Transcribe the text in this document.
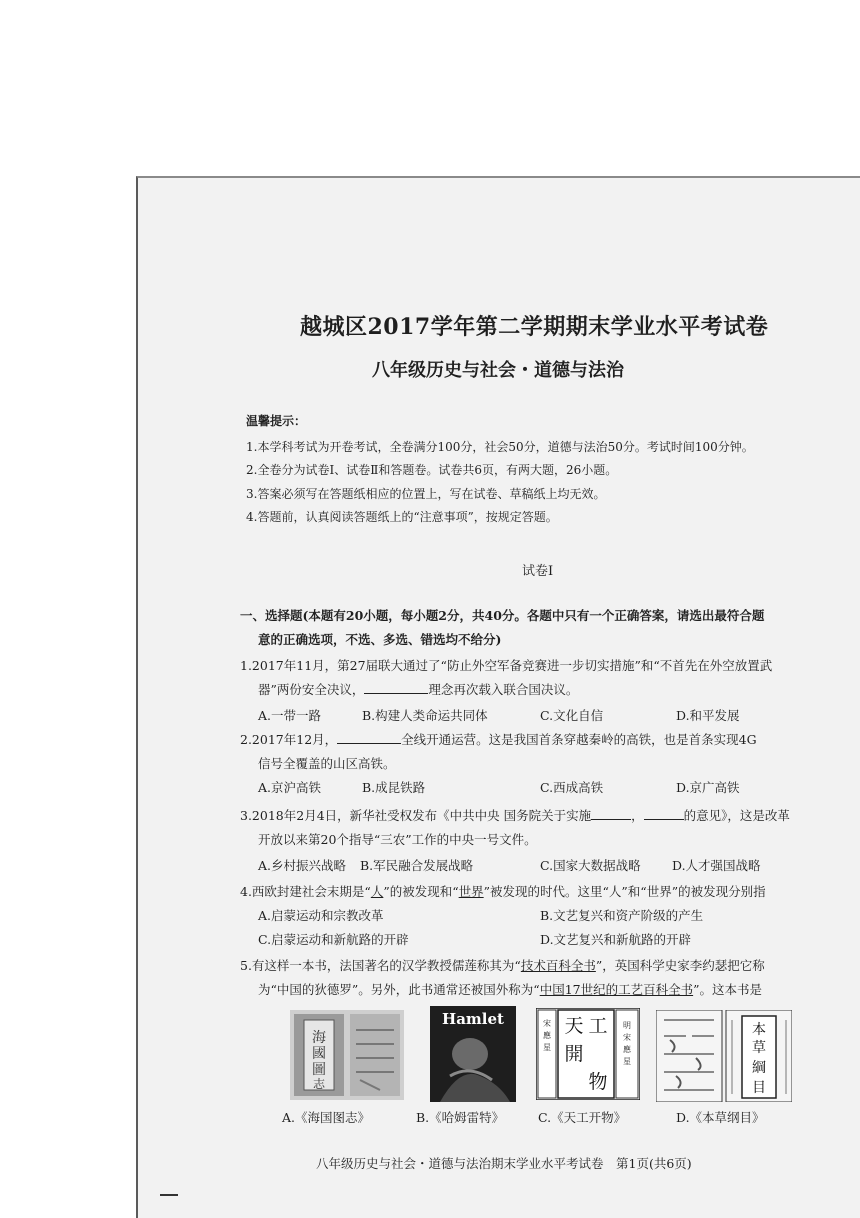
越城区2017学年第二学期期末学业水平考试卷
八年级历史与社会・道德与法治
温馨提示：
1.本学科考试为开卷考试，全卷满分100分，社会50分，道德与法治50分。考试时间100分钟。
2.全卷分为试卷Ⅰ、试卷Ⅱ和答题卷。试卷共6页，有两大题，26小题。
3.答案必须写在答题纸相应的位置上，写在试卷、草稿纸上均无效。
4.答题前，认真阅读答题纸上的“注意事项”，按规定答题。
试卷Ⅰ
一、选择题(本题有20小题，每小题2分，共40分。各题中只有一个正确答案，请选出最符合题
意的正确选项，不选、多选、错选均不给分)
1.2017年11月，第27届联大通过了“防止外空军备竞赛进一步切实措施”和“不首先在外空放置武
器”两份安全决议，	理念再次载入联合国决议。
A.一带一路	B.构建人类命运共同体	C.文化自信	D.和平发展
2.2017年12月，	全线开通运营。这是我国首条穿越秦岭的高铁，也是首条实现4G
信号全覆盖的山区高铁。
A.京沪高铁	B.成昆铁路	C.西成高铁	D.京广高铁
3.2018年2月4日，新华社受权发布《中共中央 国务院关于实施	，	的意见》，这是改革
开放以来第20个指导“三农”工作的中央一号文件。
A.乡村振兴战略 B.军民融合发展战略	C.国家大数据战略	D.人才强国战略
4.西欧封建社会末期是“人”的被发现和“世界”被发现的时代。这里“人”和“世界”的被发现分别指
A.启蒙运动和宗教改革	B.文艺复兴和资产阶级的产生
C.启蒙运动和新航路的开辟	D.文艺复兴和新航路的开辟
5.有这样一本书，法国著名的汉学教授儒莲称其为“技术百科全书”，英国科学史家李约瑟把它称
为“中国的狄德罗”。另外，此书通常还被国外称为“中国17世纪的工艺百科全书”。这本书是
海
國
圖
志
Hamlet	宋
應
星
天 工
開
物
明
宋
應
星
本
草
綱
目
A.《海国图志》	B.《哈姆雷特》	C.《天工开物》	D.《本草纲目》
八年级历史与社会・道德与法治期末学业水平考试卷　第1页(共6页)
